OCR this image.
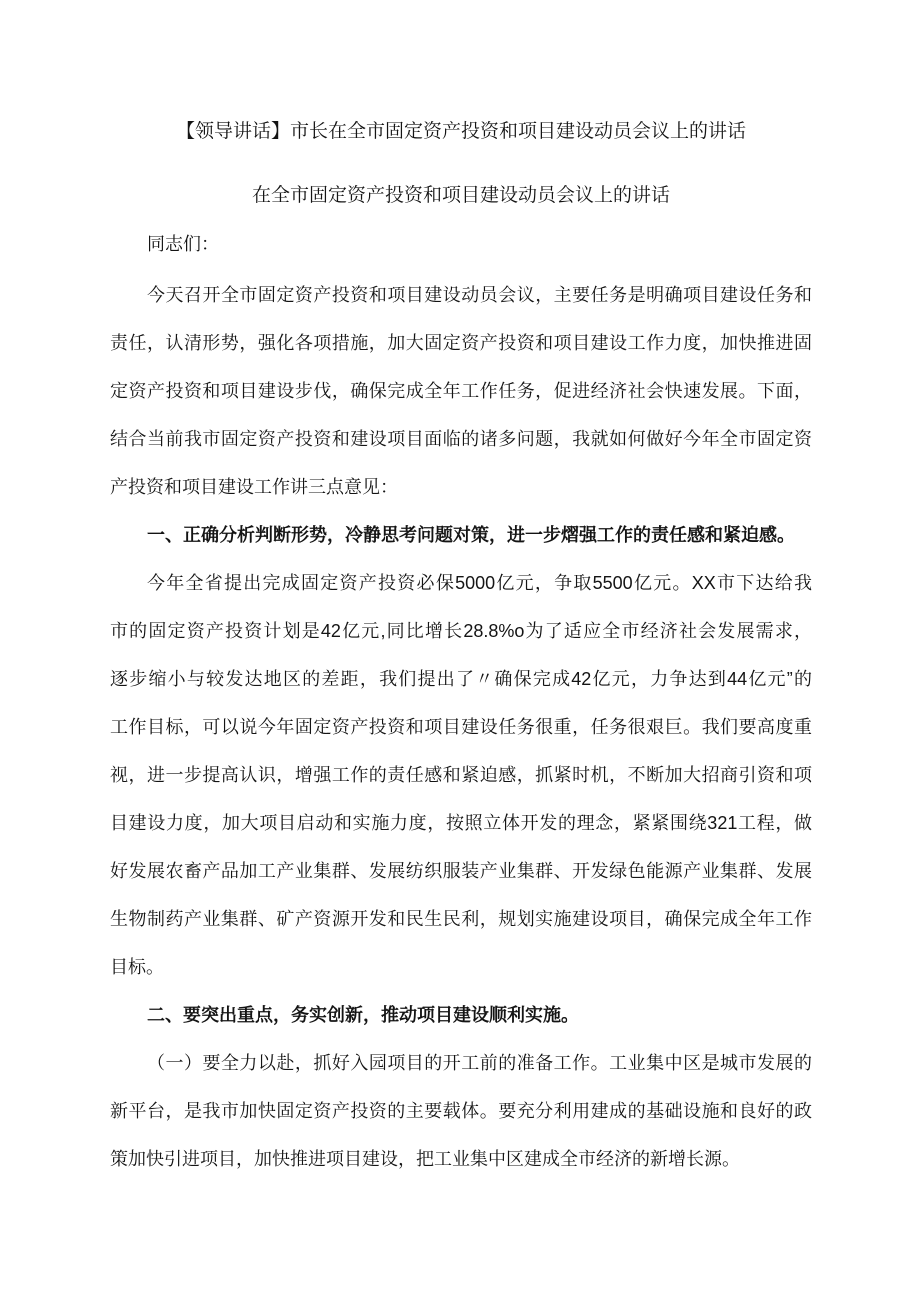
【领导讲话】市长在全市固定资产投资和项目建设动员会议上的讲话
在全市固定资产投资和项目建设动员会议上的讲话
同志们：
今天召开全市固定资产投资和项目建设动员会议，主要任务是明确项目建设任务和
责任，认清形势，强化各项措施，加大固定资产投资和项目建设工作力度，加快推进固
定资产投资和项目建设步伐，确保完成全年工作任务，促进经济社会快速发展。下面，
结合当前我市固定资产投资和建设项目面临的诸多问题，我就如何做好今年全市固定资
产投资和项目建设工作讲三点意见：
一、正确分析判断形势，冷静思考问题对策，进一步熠强工作的责任感和紧迫感。
今年全省提出完成固定资产投资必保5000亿元，争取5500亿元。XX市下达给我
市的固定资产投资计划是42亿元,同比增长28.8%o为了适应全市经济社会发展需求，
逐步缩小与较发达地区的差距，我们提出了〃确保完成42亿元，力争达到44亿元”的
工作目标，可以说今年固定资产投资和项目建设任务很重，任务很艰巨。我们要高度重
视，进一步提高认识，增强工作的责任感和紧迫感，抓紧时机，不断加大招商引资和项
目建设力度，加大项目启动和实施力度，按照立体开发的理念，紧紧围绕321工程，做
好发展农畜产品加工产业集群、发展纺织服装产业集群、开发绿色能源产业集群、发展
生物制药产业集群、矿产资源开发和民生民利，规划实施建设项目，确保完成全年工作
目标。
二、要突出重点，务实创新，推动项目建设顺利实施。
（一）要全力以赴，抓好入园项目的开工前的准备工作。工业集中区是城市发展的
新平台，是我市加快固定资产投资的主要载体。要充分利用建成的基础设施和良好的政
策加快引进项目，加快推进项目建设，把工业集中区建成全市经济的新增长源。
